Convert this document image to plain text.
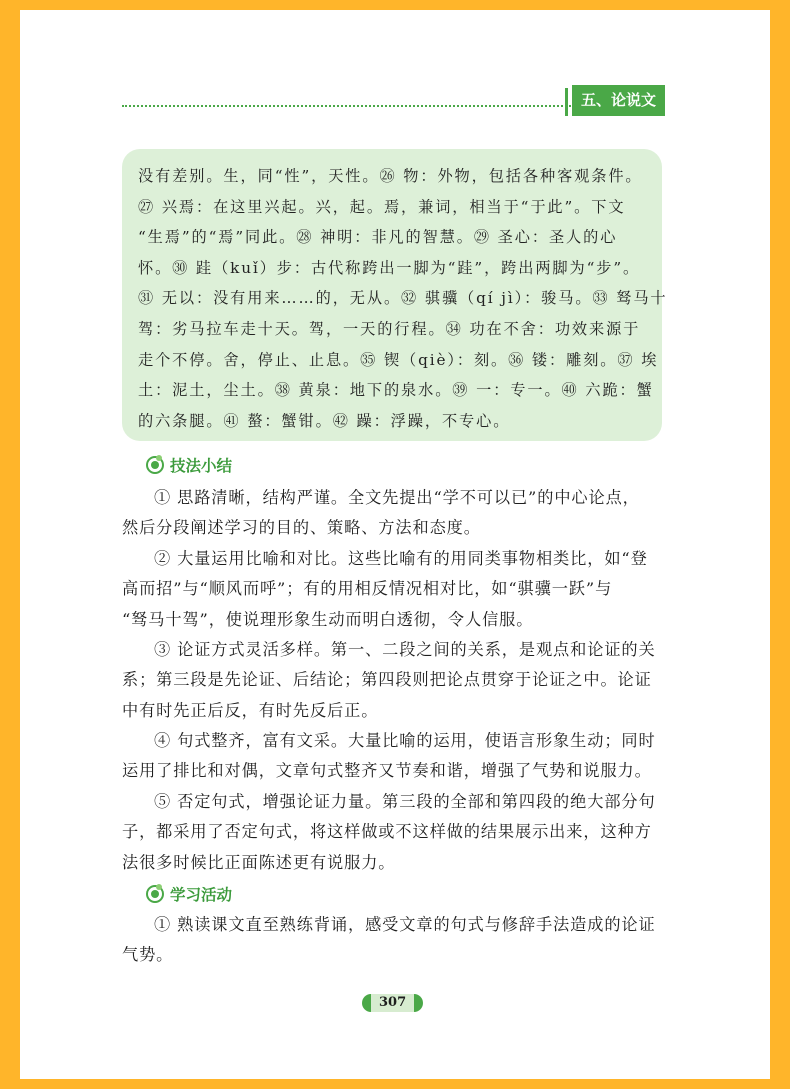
五、论说文
没有差别。生，同“性”，天性。㉖ 物：外物，包括各种客观条件。
㉗ 兴焉：在这里兴起。兴，起。焉，兼词，相当于“于此”。下文
“生焉”的“焉”同此。㉘ 神明：非凡的智慧。㉙ 圣心：圣人的心
怀。㉚ 跬（kuǐ）步：古代称跨出一脚为“跬”，跨出两脚为“步”。
㉛ 无以：没有用来……的，无从。㉜ 骐骥（qí jì）：骏马。㉝ 驽马十
驾：劣马拉车走十天。驾，一天的行程。㉞ 功在不舍：功效来源于
走个不停。舍，停止、止息。㉟ 锲（qiè）：刻。㊱ 镂：雕刻。㊲ 埃
土：泥土，尘土。㊳ 黄泉：地下的泉水。㊴ 一：专一。㊵ 六跪：蟹
的六条腿。㊶ 螯：蟹钳。㊷ 躁：浮躁，不专心。
技法小结
① 思路清晰，结构严谨。全文先提出“学不可以已”的中心论点，
然后分段阐述学习的目的、策略、方法和态度。
② 大量运用比喻和对比。这些比喻有的用同类事物相类比，如“登
高而招”与“顺风而呼”；有的用相反情况相对比，如“骐骥一跃”与
“驽马十驾”，使说理形象生动而明白透彻，令人信服。
③ 论证方式灵活多样。第一、二段之间的关系，是观点和论证的关
系；第三段是先论证、后结论；第四段则把论点贯穿于论证之中。论证
中有时先正后反，有时先反后正。
④ 句式整齐，富有文采。大量比喻的运用，使语言形象生动；同时
运用了排比和对偶，文章句式整齐又节奏和谐，增强了气势和说服力。
⑤ 否定句式，增强论证力量。第三段的全部和第四段的绝大部分句
子，都采用了否定句式，将这样做或不这样做的结果展示出来，这种方
法很多时候比正面陈述更有说服力。
学习活动
① 熟读课文直至熟练背诵，感受文章的句式与修辞手法造成的论证
气势。
307
